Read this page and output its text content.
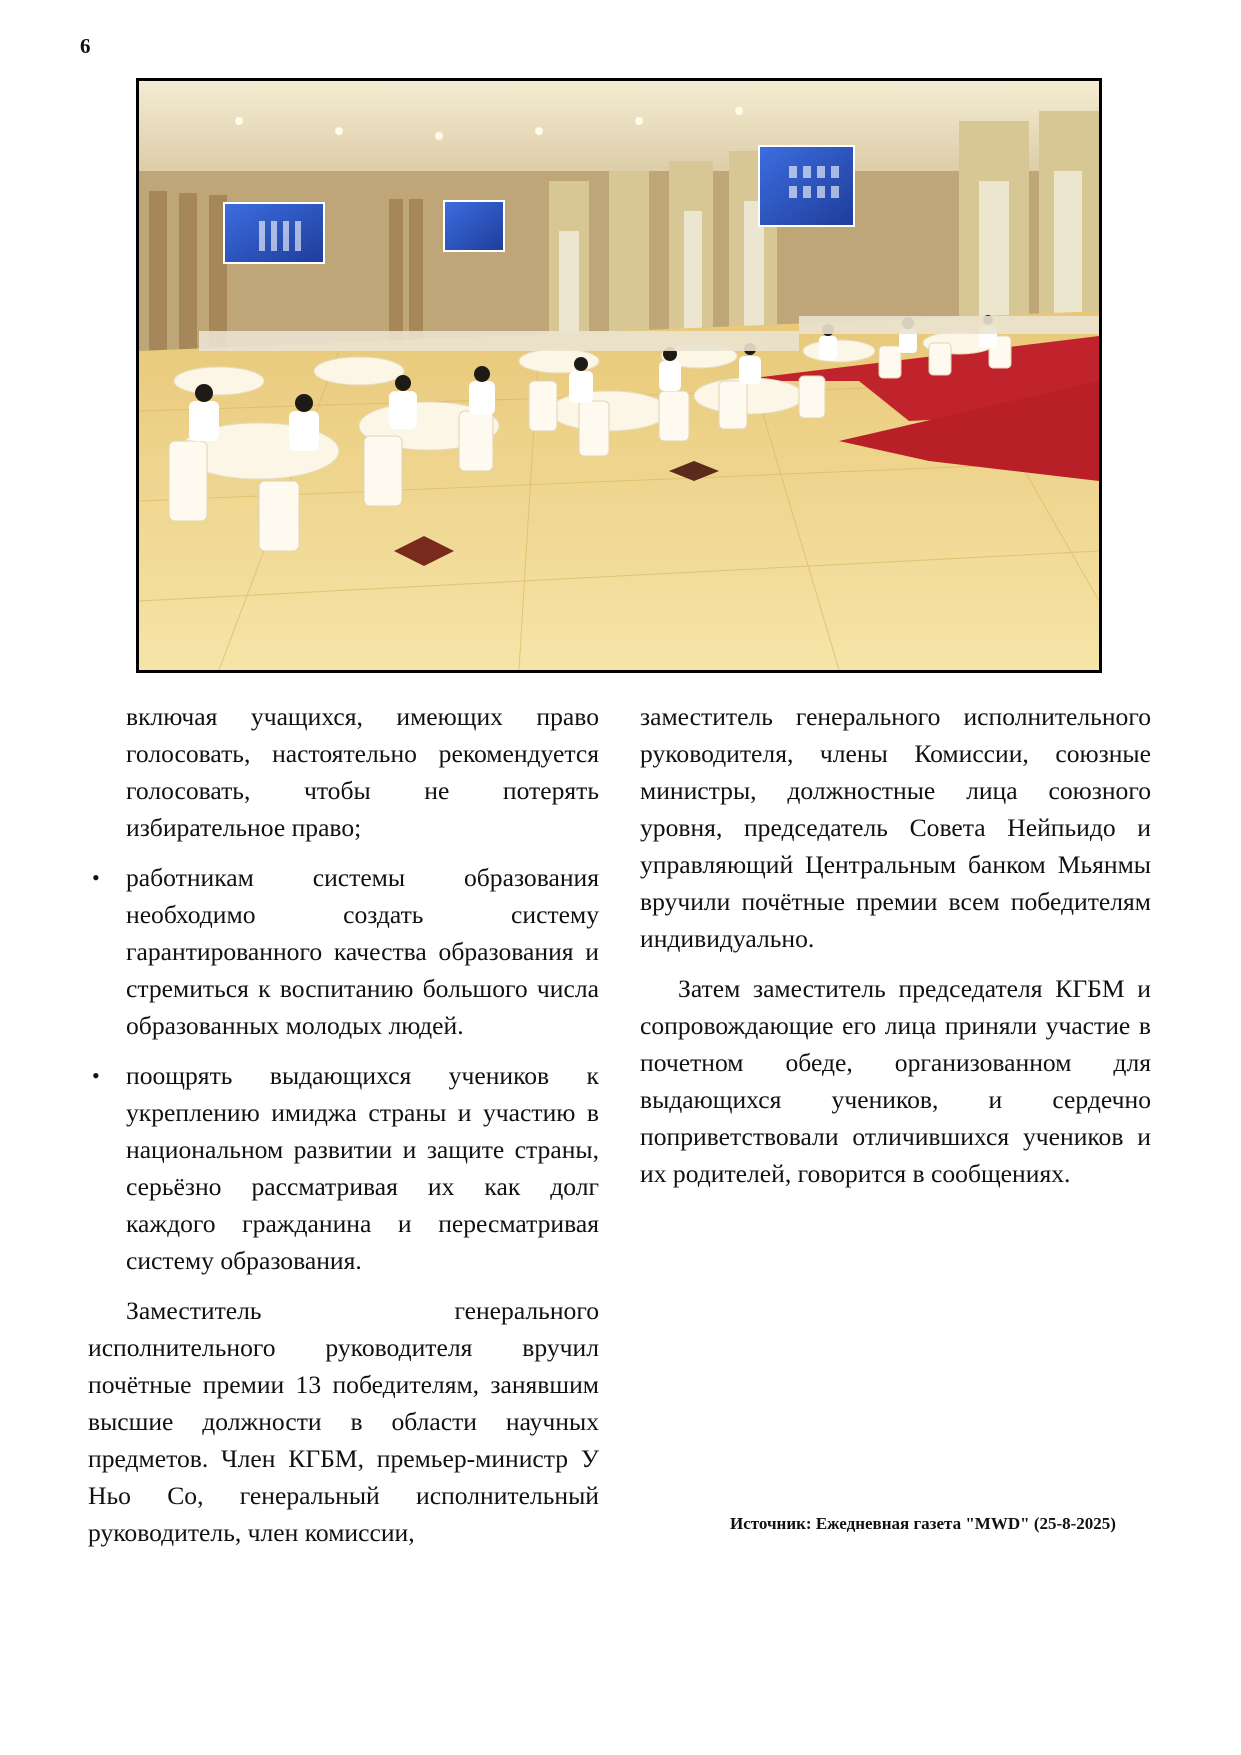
6

включая учащихся, имеющих право голосовать, настоятельно рекомендуется голосовать, чтобы не потерять избирательное право;

• работникам системы образования необходимо создать систему гарантированного качества образования и стремиться к воспитанию большого числа образованных молодых людей.
• поощрять выдающихся учеников к укреплению имиджа страны и участию в национальном развитии и защите страны, серьёзно рассматривая их как долг каждого гражданина и пересматривая систему образования.

Заместитель генерального исполнительного руководителя вручил почётные премии 13 победителям, занявшим высшие должности в области научных предметов. Член КГБМ, премьер-министр У Ньо Со, генеральный исполнительный руководитель, член комиссии,

заместитель генерального исполнительного руководителя, члены Комиссии, союзные министры, должностные лица союзного уровня, председатель Совета Нейпьидо и управляющий Центральным банком Мьянмы вручили почётные премии всем победителям индивидуально.

Затем заместитель председателя КГБМ и сопровождающие его лица приняли участие в почетном обеде, организованном для выдающихся учеников, и сердечно поприветствовали отличившихся учеников и их родителей, говорится в сообщениях.

Источник: Ежедневная газета "MWD" (25-8-2025)
